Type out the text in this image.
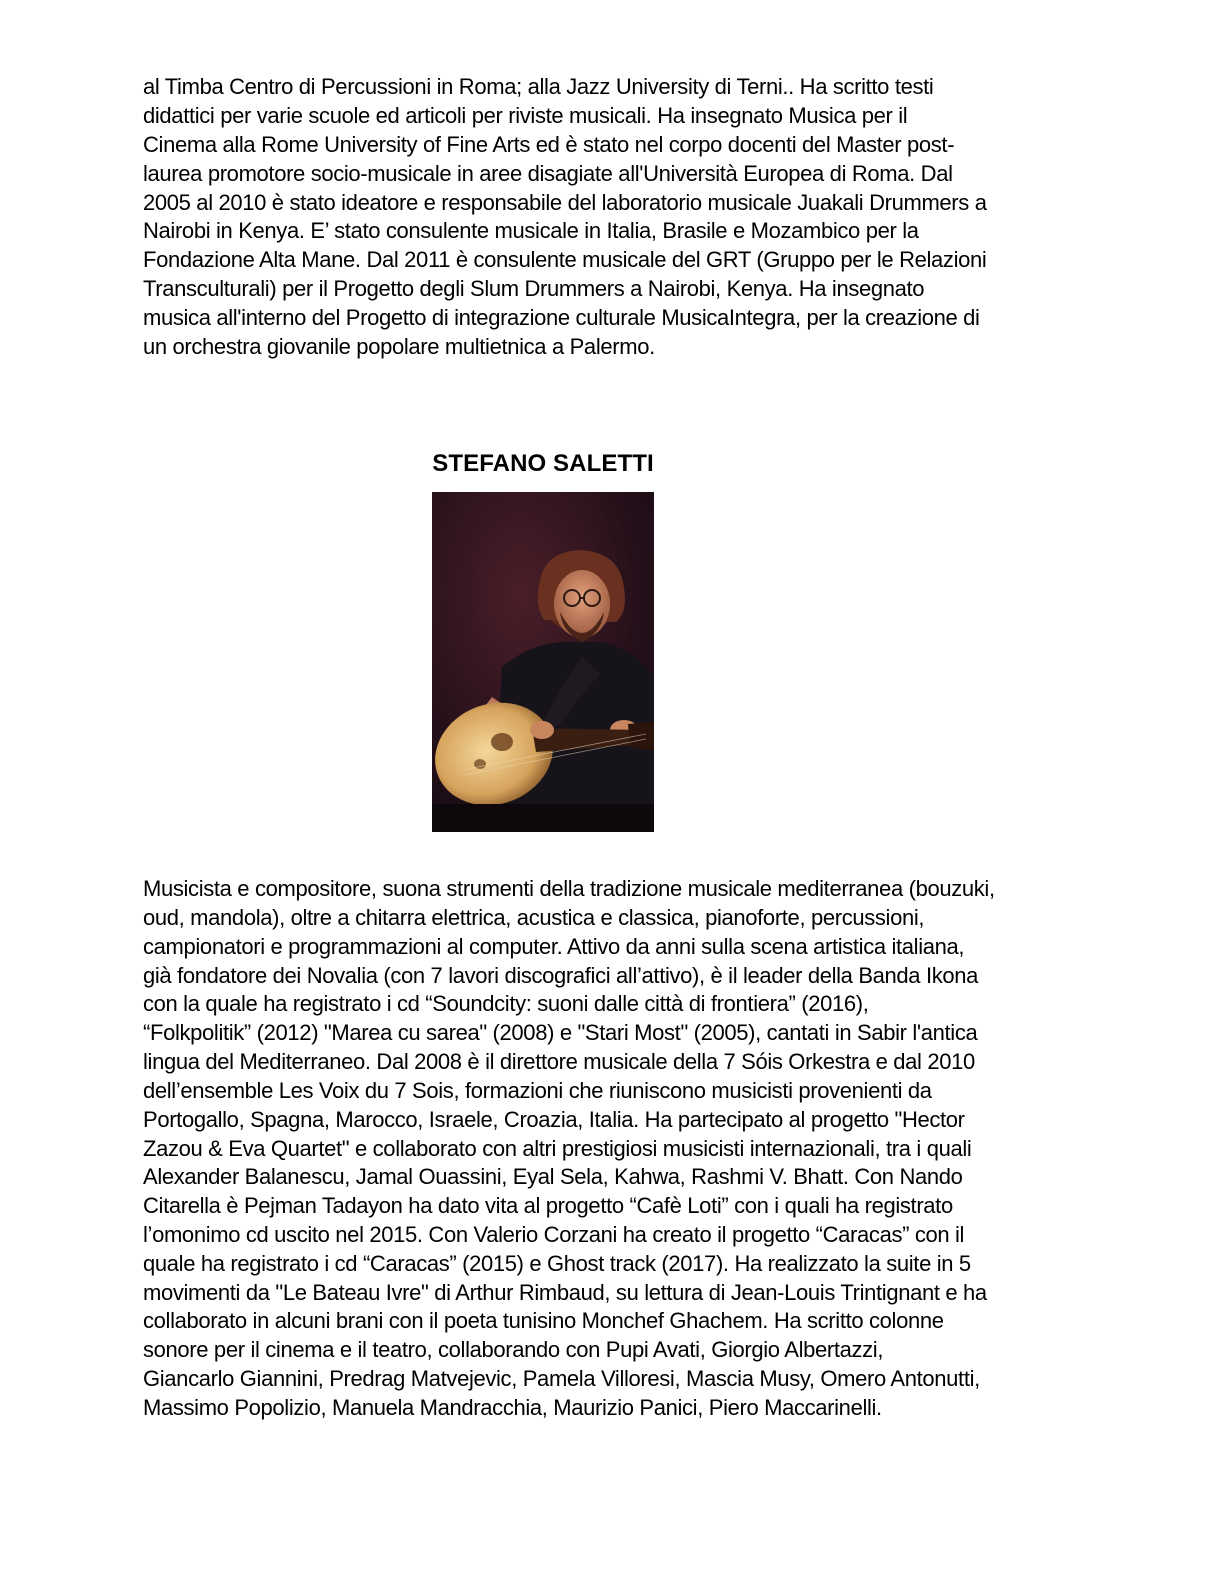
al Timba Centro di Percussioni in Roma; alla Jazz University di Terni.. Ha scritto testi

didattici per varie scuole ed articoli per riviste musicali. Ha insegnato Musica per il

Cinema alla Rome University of Fine Arts ed è stato nel corpo docenti del Master post-

laurea promotore socio-musicale in aree disagiate all'Università Europea di Roma. Dal

2005 al 2010 è stato ideatore e responsabile del laboratorio musicale Juakali Drummers a

Nairobi in Kenya. E’ stato consulente musicale in Italia, Brasile e Mozambico per la

Fondazione Alta Mane. Dal 2011 è consulente musicale del GRT (Gruppo per le Relazioni

Transculturali) per il Progetto degli Slum Drummers a Nairobi, Kenya. Ha insegnato

musica all'interno del Progetto di integrazione culturale MusicaIntegra, per la creazione di

un orchestra giovanile popolare multietnica a Palermo.

STEFANO SALETTI

Musicista e compositore, suona strumenti della tradizione musicale mediterranea (bouzuki,

oud, mandola), oltre a chitarra elettrica, acustica e classica, pianoforte, percussioni,

campionatori e programmazioni al computer. Attivo da anni sulla scena artistica italiana,

già fondatore dei Novalia (con 7 lavori discografici all’attivo), è il leader della Banda Ikona

con la quale ha registrato i cd “Soundcity: suoni dalle città di frontiera” (2016),

“Folkpolitik” (2012) "Marea cu sarea" (2008) e "Stari Most" (2005), cantati in Sabir l'antica

lingua del Mediterraneo. Dal 2008 è il direttore musicale della 7 Sóis Orkestra e dal 2010

dell’ensemble Les Voix du 7 Sois, formazioni che riuniscono musicisti provenienti da

Portogallo, Spagna, Marocco, Israele, Croazia, Italia. Ha partecipato al progetto "Hector

Zazou & Eva Quartet" e collaborato con altri prestigiosi musicisti internazionali, tra i quali

Alexander Balanescu, Jamal Ouassini, Eyal Sela, Kahwa, Rashmi V. Bhatt. Con Nando

Citarella è Pejman Tadayon ha dato vita al progetto “Cafè Loti” con i quali ha registrato

l’omonimo cd uscito nel 2015. Con Valerio Corzani ha creato il progetto “Caracas” con il

quale ha registrato i cd “Caracas” (2015) e Ghost track (2017). Ha realizzato la suite in 5

movimenti da "Le Bateau Ivre" di Arthur Rimbaud, su lettura di Jean-Louis Trintignant e ha

collaborato in alcuni brani con il poeta tunisino Monchef Ghachem. Ha scritto colonne

sonore per il cinema e il teatro, collaborando con Pupi Avati, Giorgio Albertazzi,

Giancarlo Giannini, Predrag Matvejevic, Pamela Villoresi, Mascia Musy, Omero Antonutti,

Massimo Popolizio, Manuela Mandracchia, Maurizio Panici, Piero Maccarinelli.
